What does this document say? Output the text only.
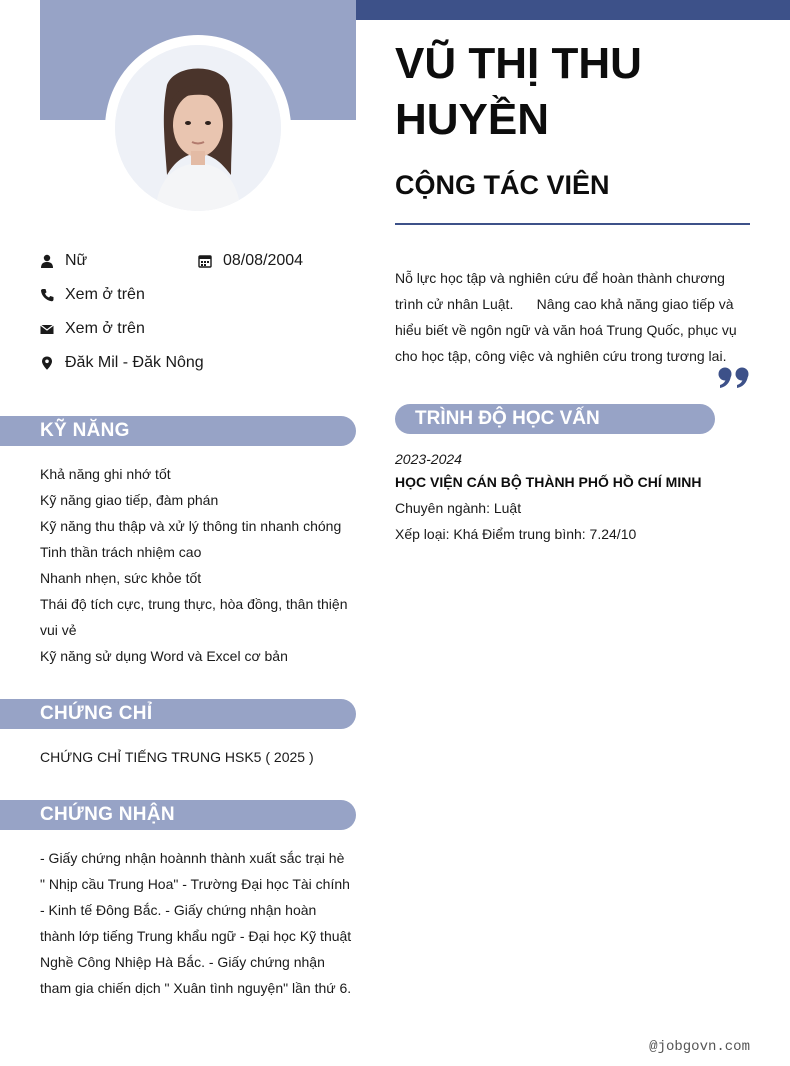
Nữ	08/08/2004
Xem ở trên
Xem ở trên
Đăk Mil - Đăk Nông
KỸ NĂNG
Khả năng ghi nhớ tốt
Kỹ năng giao tiếp, đàm phán
Kỹ năng thu thập và xử lý thông tin nhanh chóng
Tinh thần trách nhiệm cao
Nhanh nhẹn, sức khỏe tốt
Thái độ tích cực, trung thực, hòa đồng, thân thiện vui vẻ
Kỹ năng sử dụng Word và Excel cơ bản
CHỨNG CHỈ
CHỨNG CHỈ TIẾNG TRUNG HSK5 ( 2025 )
CHỨNG NHẬN
- Giấy chứng nhận hoànnh thành xuất sắc trại hè " Nhịp cầu Trung Hoa" - Trường Đại học Tài chính - Kinh tế Đông Bắc. - Giấy chứng nhận hoàn thành lớp tiếng Trung khẩu ngữ - Đại học Kỹ thuật Nghề Công Nhiệp Hà Bắc. - Giấy chứng nhận tham gia chiến dịch " Xuân tình nguyện" lần thứ 6.
VŨ THỊ THU HUYỀN
CỘNG TÁC VIÊN
Nỗ lực học tập và nghiên cứu để hoàn thành chương trình cử nhân Luật.      Nâng cao khả năng giao tiếp và hiểu biết về ngôn ngữ và văn hoá Trung Quốc, phục vụ cho học tập, công việc và nghiên cứu trong tương lai.
TRÌNH ĐỘ HỌC VẤN
2023-2024
HỌC VIỆN CÁN BỘ THÀNH PHỐ HỒ CHÍ MINH
Chuyên ngành: Luật
Xếp loại: Khá Điểm trung bình: 7.24/10
@jobgovn.com
